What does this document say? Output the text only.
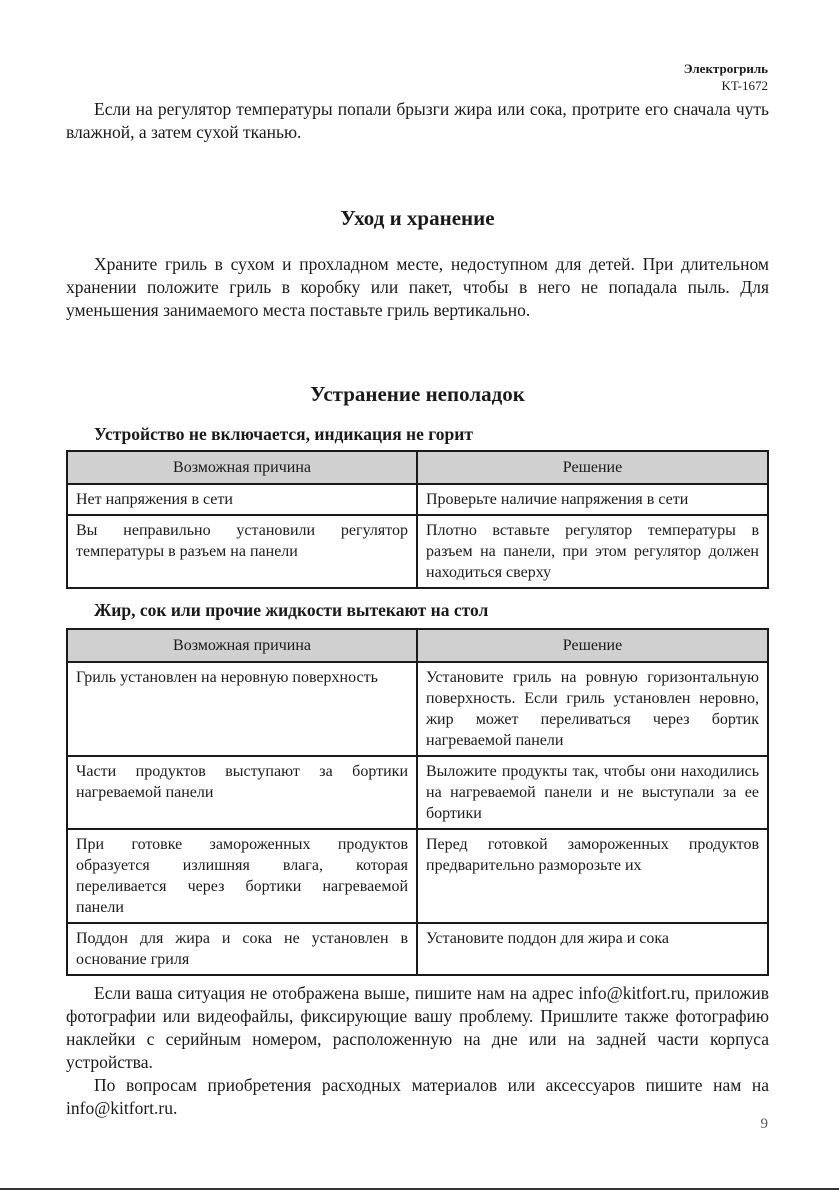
Электрогриль
KT-1672

Если на регулятор температуры попали брызги жира или сока, протрите его сначала чуть влажной, а затем сухой тканью.

Уход и хранение

Храните гриль в сухом и прохладном месте, недоступном для детей. При длительном хранении положите гриль в коробку или пакет, чтобы в него не попадала пыль. Для уменьшения занимаемого места поставьте гриль вертикально.

Устранение неполадок
Устройство не включается, индикация не горит
Возможная причина	Решение
Нет напряжения в сети	Проверьте наличие напряжения в сети
Вы неправильно установили регулятор температуры в разъем на панели	Плотно вставьте регулятор температуры в разъем на панели, при этом регулятор должен находиться сверху
Жир, сок или прочие жидкости вытекают на стол
Возможная причина	Решение
Гриль установлен на неровную поверхность	Установите гриль на ровную горизонтальную поверхность. Если гриль установлен неровно, жир может переливаться через бортик нагреваемой панели
Части продуктов выступают за бортики нагреваемой панели	Выложите продукты так, чтобы они находились на нагреваемой панели и не выступали за ее бортики
При готовке замороженных продуктов образуется излишняя влага, которая переливается через бортики нагреваемой панели	Перед готовкой замороженных продуктов предварительно разморозьте их
Поддон для жира и сока не установлен в основание гриля	Установите поддон для жира и сока

Если ваша ситуация не отображена выше, пишите нам на адрес info@kitfort.ru, приложив фотографии или видеофайлы, фиксирующие вашу проблему. Пришлите также фотографию наклейки с серийным номером, расположенную на дне или на задней части корпуса устройства.

По вопросам приобретения расходных материалов или аксессуаров пишите нам на info@kitfort.ru.

9
